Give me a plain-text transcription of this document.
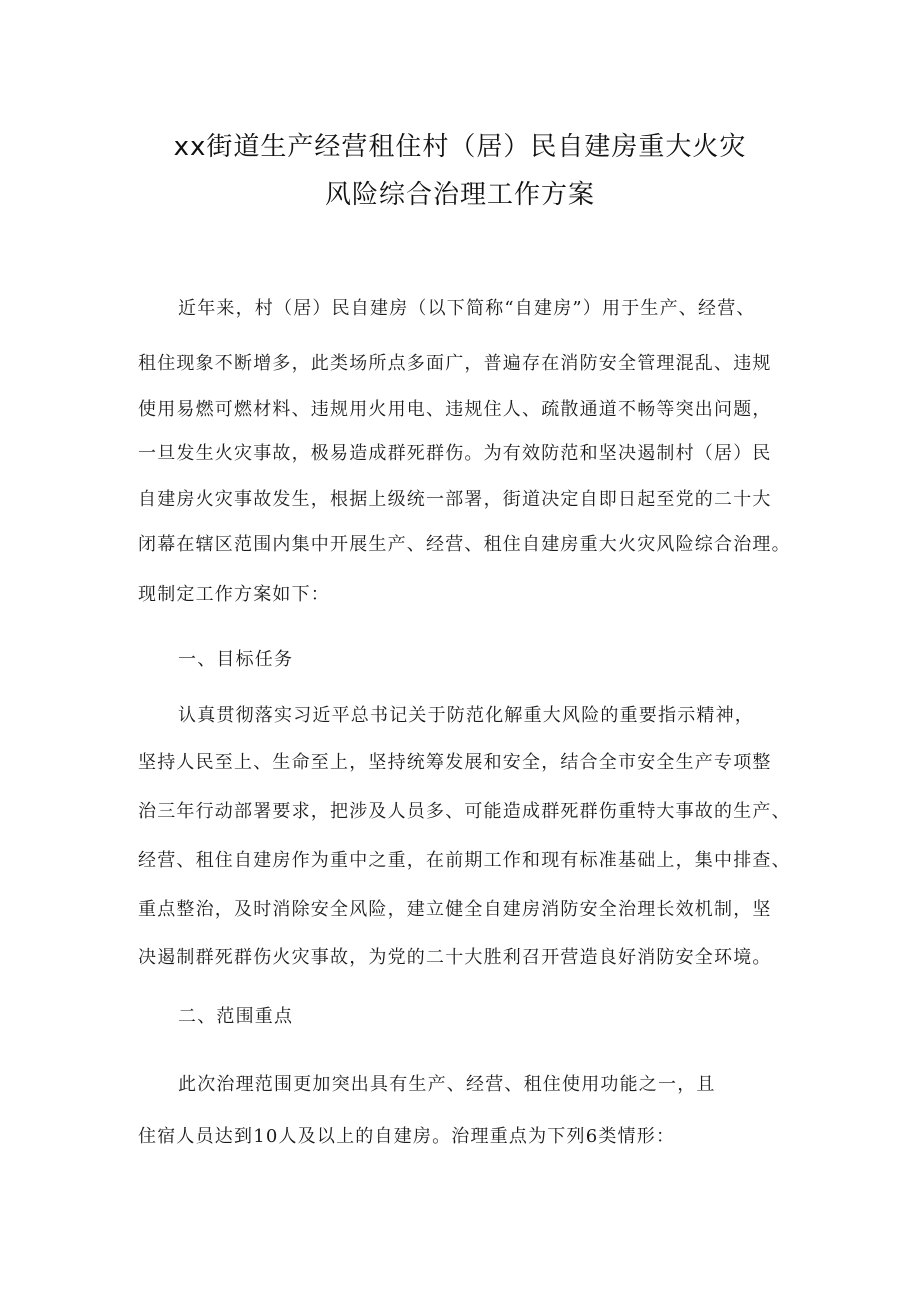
xx街道生产经营租住村（居）民自建房重大火灾
风险综合治理工作方案
近年来，村（居）民自建房（以下简称“自建房”）用于生产、经营、
租住现象不断增多，此类场所点多面广，普遍存在消防安全管理混乱、违规
使用易燃可燃材料、违规用火用电、违规住人、疏散通道不畅等突出问题，
一旦发生火灾事故，极易造成群死群伤。为有效防范和坚决遏制村（居）民
自建房火灾事故发生，根据上级统一部署，街道决定自即日起至党的二十大
闭幕在辖区范围内集中开展生产、经营、租住自建房重大火灾风险综合治理。
现制定工作方案如下：
一、目标任务
认真贯彻落实习近平总书记关于防范化解重大风险的重要指示精神，
坚持人民至上、生命至上，坚持统筹发展和安全，结合全市安全生产专项整
治三年行动部署要求，把涉及人员多、可能造成群死群伤重特大事故的生产、
经营、租住自建房作为重中之重，在前期工作和现有标准基础上，集中排查、
重点整治，及时消除安全风险，建立健全自建房消防安全治理长效机制，坚
决遏制群死群伤火灾事故，为党的二十大胜利召开营造良好消防安全环境。
二、范围重点
此次治理范围更加突出具有生产、经营、租住使用功能之一，且
住宿人员达到10人及以上的自建房。治理重点为下列6类情形：
